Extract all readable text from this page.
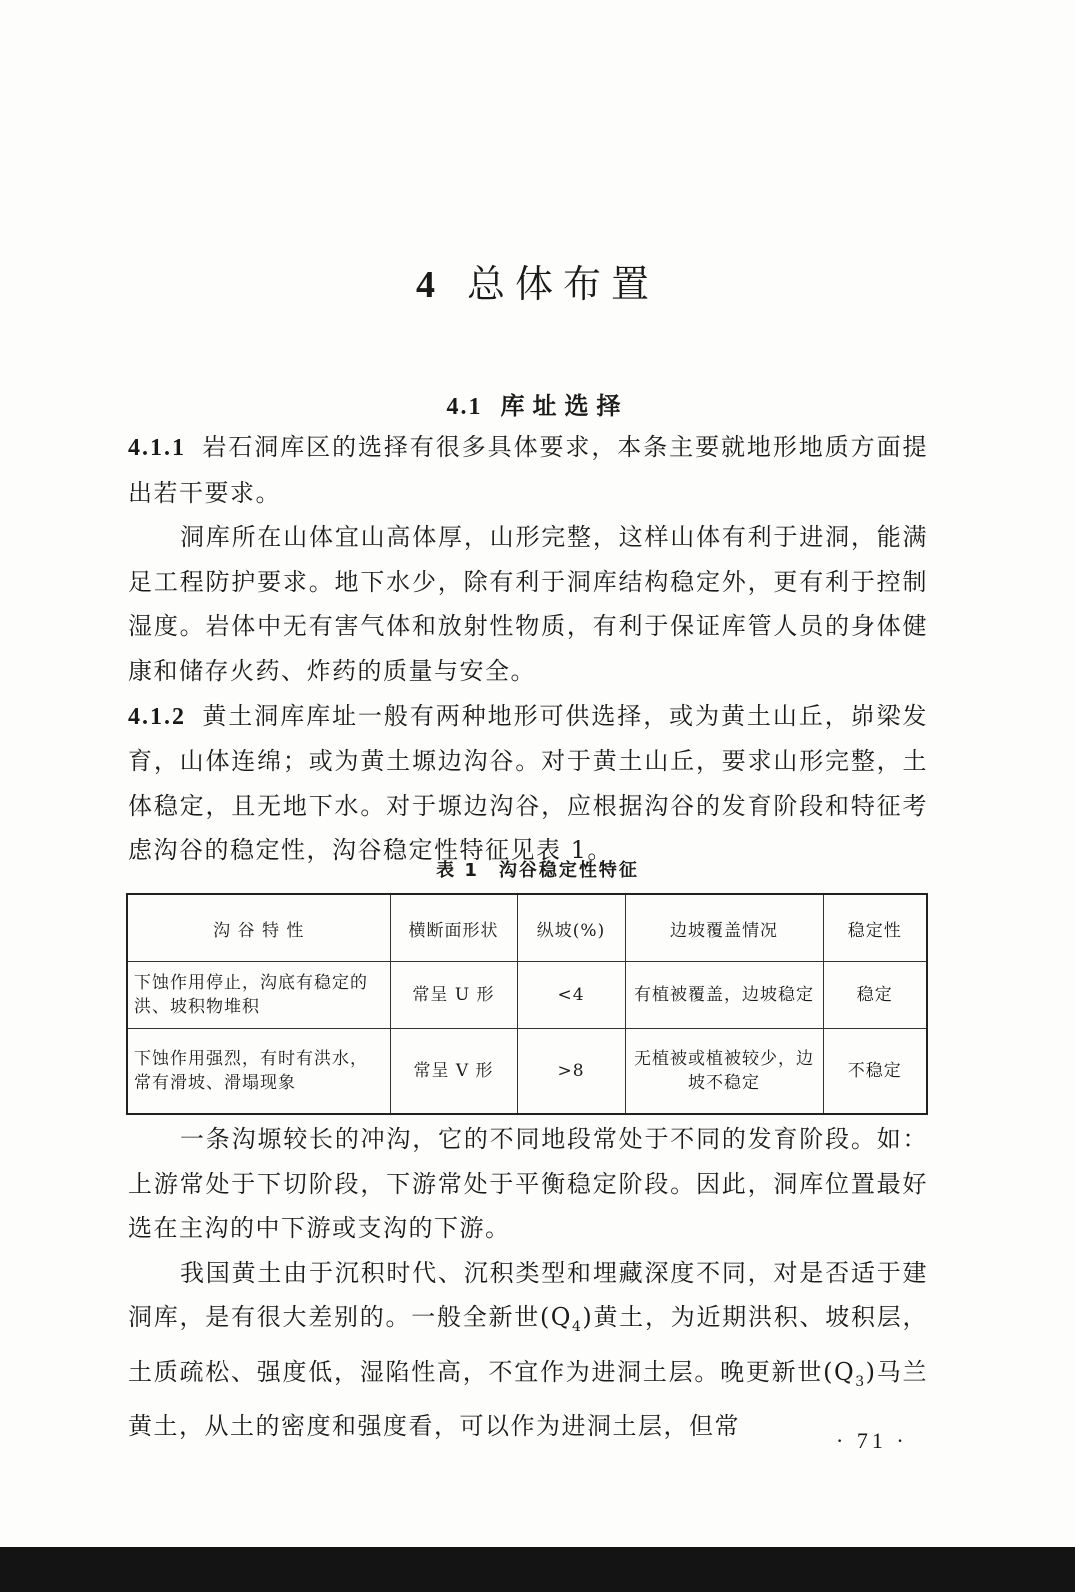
4 总体布置
4.1 库址选择

4.1.1 岩石洞库区的选择有很多具体要求，本条主要就地形地质方面提出若干要求。

洞库所在山体宜山高体厚，山形完整，这样山体有利于进洞，能满足工程防护要求。地下水少，除有利于洞库结构稳定外，更有利于控制湿度。岩体中无有害气体和放射性物质，有利于保证库管人员的身体健康和储存火药、炸药的质量与安全。

4.1.2 黄土洞库库址一般有两种地形可供选择，或为黄土山丘，峁梁发育，山体连绵；或为黄土塬边沟谷。对于黄土山丘，要求山形完整，土体稳定，且无地下水。对于塬边沟谷，应根据沟谷的发育阶段和特征考虑沟谷的稳定性，沟谷稳定性特征见表 1。

表 1 沟谷稳定性特征
沟 谷 特 性	横断面形状	纵坡(%)	边坡覆盖情况	稳定性
下蚀作用停止，沟底有稳定的洪、坡积物堆积	常呈 U 形	<4	有植被覆盖，边坡稳定	稳定
下蚀作用强烈，有时有洪水，常有滑坡、滑塌现象	常呈 V 形	>8	无植被或植被较少，边坡不稳定	不稳定

一条沟塬较长的冲沟，它的不同地段常处于不同的发育阶段。如：上游常处于下切阶段，下游常处于平衡稳定阶段。因此，洞库位置最好选在主沟的中下游或支沟的下游。

我国黄土由于沉积时代、沉积类型和埋藏深度不同，对是否适于建洞库，是有很大差别的。一般全新世$(Q_4)$黄土，为近期洪积、坡积层，土质疏松、强度低，湿陷性高，不宜作为进洞土层。晚更新世$(Q_3)$马兰黄土，从土的密度和强度看，可以作为进洞土层，但常

· 71 ·
